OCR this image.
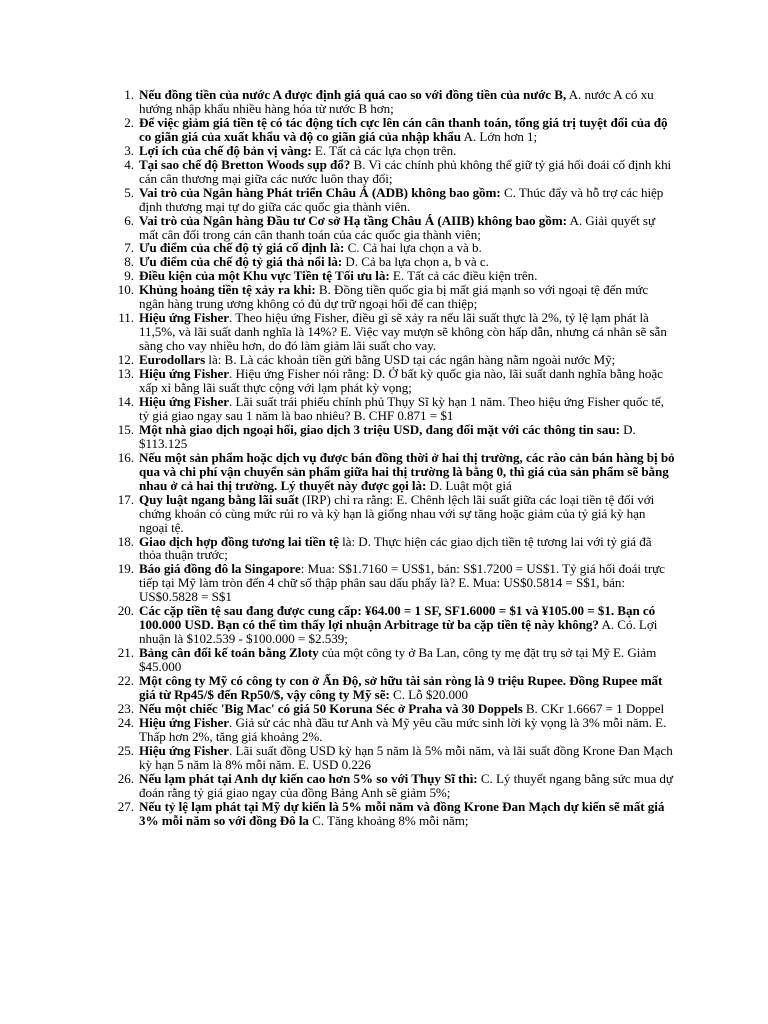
1. Nếu đồng tiền của nước A được định giá quá cao so với đồng tiền của nước B, A. nước A có xu hướng nhập khẩu nhiều hàng hóa từ nước B hơn;
2. Để việc giảm giá tiền tệ có tác động tích cực lên cán cân thanh toán, tổng giá trị tuyệt đối của độ co giãn giá của xuất khẩu và độ co giãn giá của nhập khẩu A. Lớn hơn 1;
3. Lợi ích của chế độ bản vị vàng: E. Tất cả các lựa chọn trên.
4. Tại sao chế độ Bretton Woods sụp đổ? B. Vì các chính phủ không thể giữ tỷ giá hối đoái cố định khi cán cân thương mại giữa các nước luôn thay đổi;
5. Vai trò của Ngân hàng Phát triển Châu Á (ADB) không bao gồm: C. Thúc đẩy và hỗ trợ các hiệp định thương mại tự do giữa các quốc gia thành viên.
6. Vai trò của Ngân hàng Đầu tư Cơ sở Hạ tầng Châu Á (AIIB) không bao gồm: A. Giải quyết sự mất cân đối trong cán cân thanh toán của các quốc gia thành viên;
7. Ưu điểm của chế độ tỷ giá cố định là: C. Cả hai lựa chọn a và b.
8. Ưu điểm của chế độ tỷ giá thả nổi là: D. Cả ba lựa chọn a, b và c.
9. Điều kiện của một Khu vực Tiền tệ Tối ưu là: E. Tất cả các điều kiện trên.
10. Khủng hoảng tiền tệ xảy ra khi: B. Đồng tiền quốc gia bị mất giá mạnh so với ngoại tệ đến mức ngân hàng trung ương không có đủ dự trữ ngoại hối để can thiệp;
11. Hiệu ứng Fisher. Theo hiệu ứng Fisher, điều gì sẽ xảy ra nếu lãi suất thực là 2%, tỷ lệ lạm phát là 11,5%, và lãi suất danh nghĩa là 14%? E. Việc vay mượn sẽ không còn hấp dẫn, nhưng cá nhân sẽ sẵn sàng cho vay nhiều hơn, do đó làm giảm lãi suất cho vay.
12. Eurodollars là: B. Là các khoản tiền gửi bằng USD tại các ngân hàng nằm ngoài nước Mỹ;
13. Hiệu ứng Fisher. Hiệu ứng Fisher nói rằng: D. Ở bất kỳ quốc gia nào, lãi suất danh nghĩa bằng hoặc xấp xỉ bằng lãi suất thực cộng với lạm phát kỳ vọng;
14. Hiệu ứng Fisher. Lãi suất trái phiếu chính phủ Thụy Sĩ kỳ hạn 1 năm. Theo hiệu ứng Fisher quốc tế, tỷ giá giao ngay sau 1 năm là bao nhiêu? B. CHF 0.871 = $1
15. Một nhà giao dịch ngoại hối, giao dịch 3 triệu USD, đang đối mặt với các thông tin sau: D. $113.125
16. Nếu một sản phẩm hoặc dịch vụ được bán đồng thời ở hai thị trường, các rào cản bán hàng bị bỏ qua và chi phí vận chuyển sản phẩm giữa hai thị trường là bằng 0, thì giá của sản phẩm sẽ bằng nhau ở cả hai thị trường. Lý thuyết này được gọi là: D. Luật một giá
17. Quy luật ngang bằng lãi suất (IRP) chỉ ra rằng: E. Chênh lệch lãi suất giữa các loại tiền tệ đối với chứng khoán có cùng mức rủi ro và kỳ hạn là giống nhau với sự tăng hoặc giảm của tỷ giá kỳ hạn ngoại tệ.
18. Giao dịch hợp đồng tương lai tiền tệ là: D. Thực hiện các giao dịch tiền tệ tương lai với tỷ giá đã thỏa thuận trước;
19. Báo giá đồng đô la Singapore: Mua: S$1.7160 = US$1, bán: S$1.7200 = US$1. Tỷ giá hối đoái trực tiếp tại Mỹ làm tròn đến 4 chữ số thập phân sau dấu phẩy là? E. Mua: US$0.5814 = S$1, bán: US$0.5828 = S$1
20. Các cặp tiền tệ sau đang được cung cấp: ¥64.00 = 1 SF, SF1.6000 = $1 và ¥105.00 = $1. Bạn có 100.000 USD. Bạn có thể tìm thấy lợi nhuận Arbitrage từ ba cặp tiền tệ này không? A. Có. Lợi nhuận là $102.539 - $100.000 = $2.539;
21. Bảng cân đối kế toán bằng Zloty của một công ty ở Ba Lan, công ty mẹ đặt trụ sở tại Mỹ E. Giảm $45.000
22. Một công ty Mỹ có công ty con ở Ấn Độ, sở hữu tài sản ròng là 9 triệu Rupee. Đồng Rupee mất giá từ Rp45/$ đến Rp50/$, vậy công ty Mỹ sẽ: C. Lỗ $20.000
23. Nếu một chiếc 'Big Mac' có giá 50 Koruna Séc ở Praha và 30 Doppels B. CKr 1.6667 = 1 Doppel
24. Hiệu ứng Fisher. Giả sử các nhà đầu tư Anh và Mỹ yêu cầu mức sinh lời kỳ vọng là 3% mỗi năm. E. Thấp hơn 2%, tăng giá khoảng 2%.
25. Hiệu ứng Fisher. Lãi suất đồng USD kỳ hạn 5 năm là 5% mỗi năm, và lãi suất đồng Krone Đan Mạch kỳ hạn 5 năm là 8% mỗi năm. E. USD 0.226
26. Nếu lạm phát tại Anh dự kiến cao hơn 5% so với Thụy Sĩ thì: C. Lý thuyết ngang bằng sức mua dự đoán rằng tỷ giá giao ngay của đồng Bảng Anh sẽ giảm 5%;
27. Nếu tỷ lệ lạm phát tại Mỹ dự kiến là 5% mỗi năm và đồng Krone Đan Mạch dự kiến sẽ mất giá 3% mỗi năm so với đồng Đô la C. Tăng khoảng 8% mỗi năm;
